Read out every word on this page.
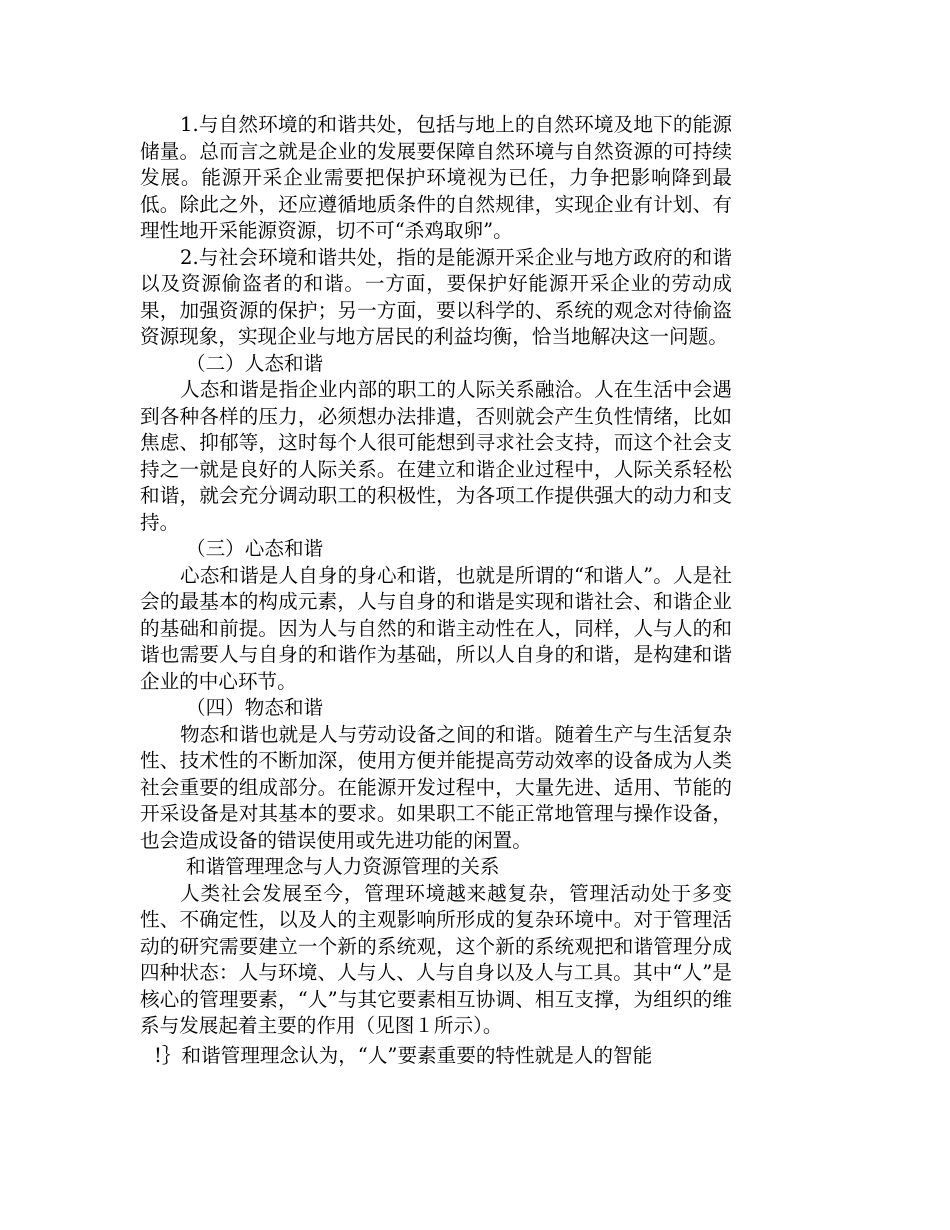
1.与自然环境的和谐共处，包括与地上的自然环境及地下的能源储量。总而言之就是企业的发展要保障自然环境与自然资源的可持续发展。能源开采企业需要把保护环境视为已任，力争把影响降到最低。除此之外，还应遵循地质条件的自然规律，实现企业有计划、有理性地开采能源资源，切不可“杀鸡取卵”。

2.与社会环境和谐共处，指的是能源开采企业与地方政府的和谐以及资源偷盗者的和谐。一方面，要保护好能源开采企业的劳动成果，加强资源的保护；另一方面，要以科学的、系统的观念对待偷盗资源现象，实现企业与地方居民的利益均衡，恰当地解决这一问题。

（二）人态和谐

人态和谐是指企业内部的职工的人际关系融洽。人在生活中会遇到各种各样的压力，必须想办法排遣，否则就会产生负性情绪，比如焦虑、抑郁等，这时每个人很可能想到寻求社会支持，而这个社会支持之一就是良好的人际关系。在建立和谐企业过程中，人际关系轻松和谐，就会充分调动职工的积极性，为各项工作提供强大的动力和支持。

（三）心态和谐

心态和谐是人自身的身心和谐，也就是所谓的“和谐人”。人是社会的最基本的构成元素，人与自身的和谐是实现和谐社会、和谐企业的基础和前提。因为人与自然的和谐主动性在人，同样，人与人的和谐也需要人与自身的和谐作为基础，所以人自身的和谐，是构建和谐企业的中心环节。

（四）物态和谐

物态和谐也就是人与劳动设备之间的和谐。随着生产与生活复杂性、技术性的不断加深，使用方便并能提高劳动效率的设备成为人类社会重要的组成部分。在能源开发过程中，大量先进、适用、节能的开采设备是对其基本的要求。如果职工不能正常地管理与操作设备，也会造成设备的错误使用或先进功能的闲置。

和谐管理理念与人力资源管理的关系

人类社会发展至今，管理环境越来越复杂，管理活动处于多变性、不确定性，以及人的主观影响所形成的复杂环境中。对于管理活动的研究需要建立一个新的系统观，这个新的系统观把和谐管理分成四种状态：人与环境、人与人、人与自身以及人与工具。其中“人”是核心的管理要素，“人”与其它要素相互协调、相互支撑，为组织的维系与发展起着主要的作用（见图１所示）。

!｝和谐管理理念认为，“人”要素重要的特性就是人的智能
